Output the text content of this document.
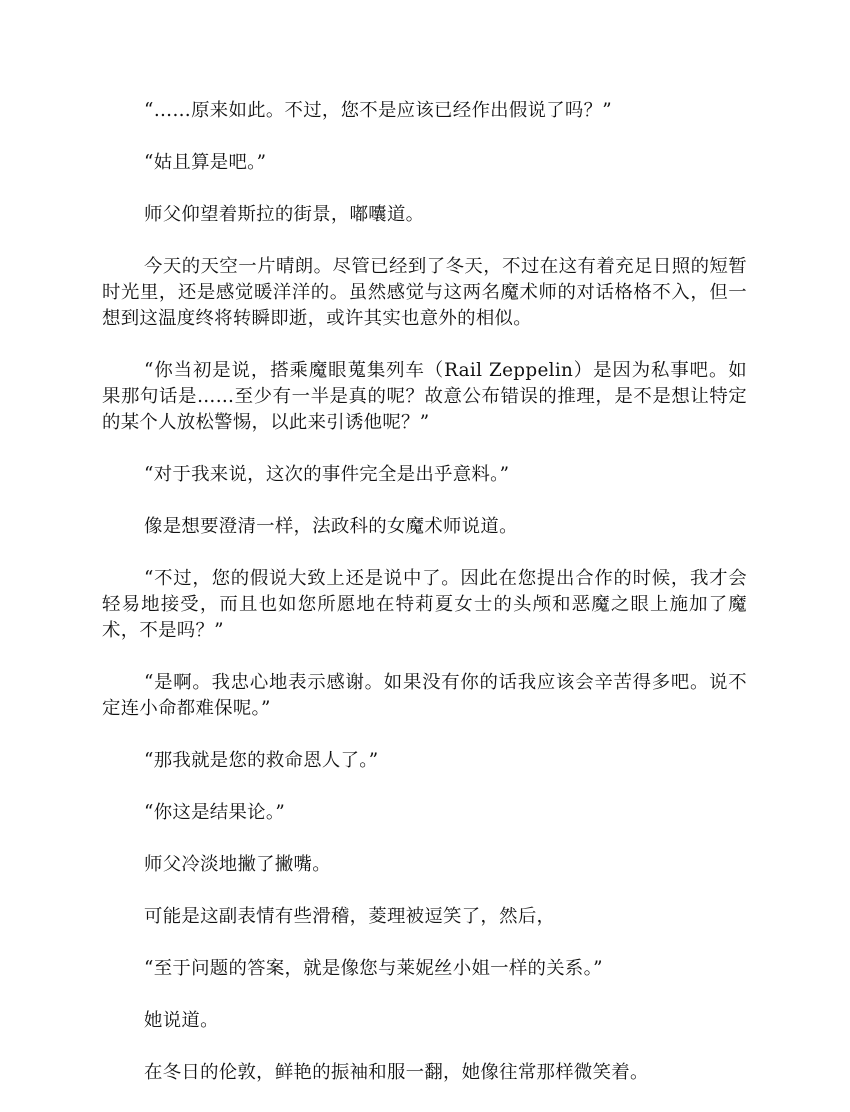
“……原来如此。不过，您不是应该已经作出假说了吗？”

“姑且算是吧。”

师父仰望着斯拉的街景，嘟囔道。

今天的天空一片晴朗。尽管已经到了冬天，不过在这有着充足日照的短暂时光里，还是感觉暖洋洋的。虽然感觉与这两名魔术师的对话格格不入，但一想到这温度终将转瞬即逝，或许其实也意外的相似。

“你当初是说，搭乘魔眼蒐集列车（Rail Zeppelin）是因为私事吧。如果那句话是……至少有一半是真的呢？故意公布错误的推理，是不是想让特定的某个人放松警惕，以此来引诱他呢？”

“对于我来说，这次的事件完全是出乎意料。”

像是想要澄清一样，法政科的女魔术师说道。

“不过，您的假说大致上还是说中了。因此在您提出合作的时候，我才会轻易地接受，而且也如您所愿地在特莉夏女士的头颅和恶魔之眼上施加了魔术，不是吗？”

“是啊。我忠心地表示感谢。如果没有你的话我应该会辛苦得多吧。说不定连小命都难保呢。”

“那我就是您的救命恩人了。”

“你这是结果论。”

师父冷淡地撇了撇嘴。

可能是这副表情有些滑稽，菱理被逗笑了，然后，

“至于问题的答案，就是像您与莱妮丝小姐一样的关系。”

她说道。

在冬日的伦敦，鲜艳的振袖和服一翻，她像往常那样微笑着。
